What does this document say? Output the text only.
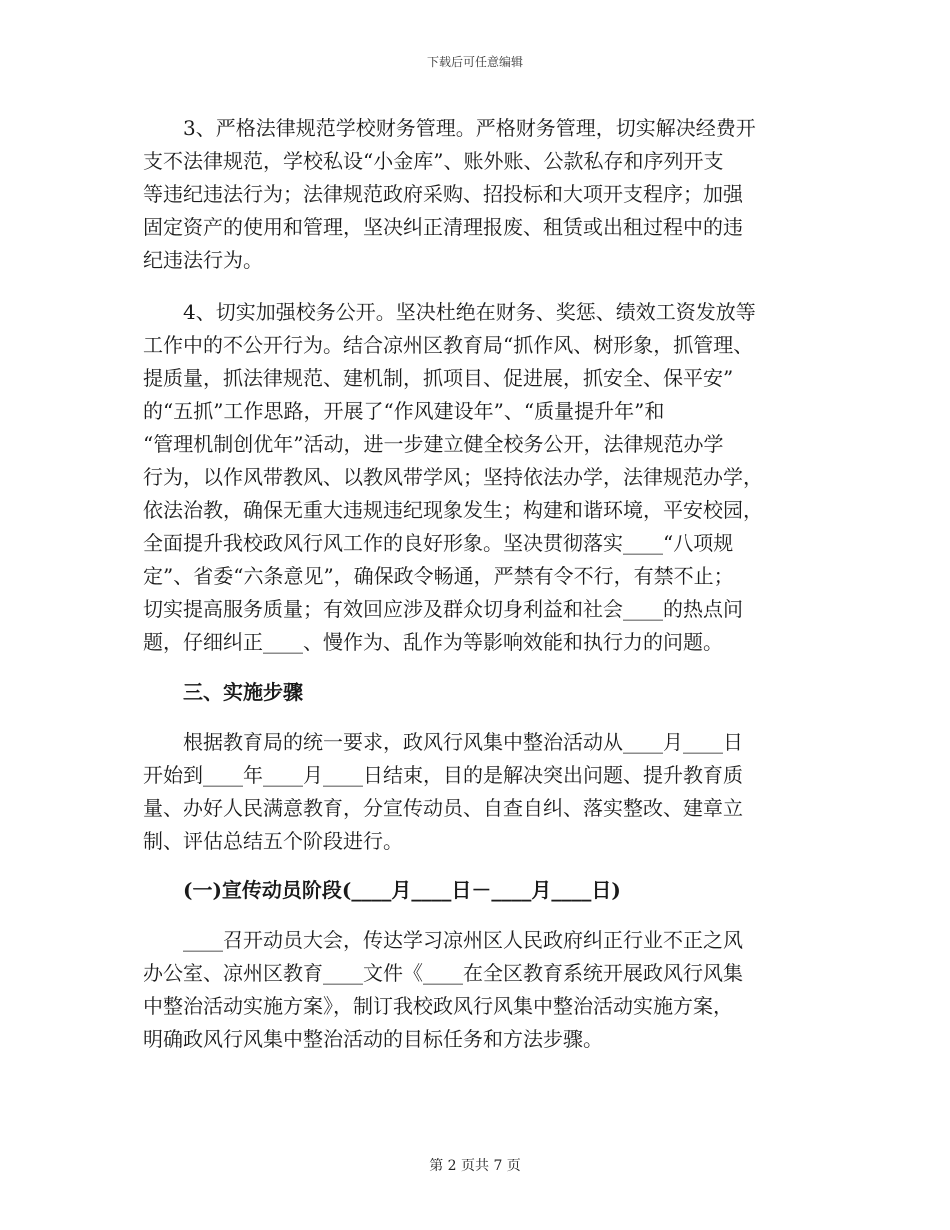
下载后可任意编辑
　　3、严格法律规范学校财务管理。严格财务管理，切实解决经费开
支不法律规范，学校私设“小金库”、账外账、公款私存和序列开支
等违纪违法行为；法律规范政府采购、招投标和大项开支程序；加强
固定资产的使用和管理，坚决纠正清理报废、租赁或出租过程中的违
纪违法行为。
　　4、切实加强校务公开。坚决杜绝在财务、奖惩、绩效工资发放等
工作中的不公开行为。结合凉州区教育局“抓作风、树形象，抓管理、
提质量，抓法律规范、建机制，抓项目、促进展，抓安全、保平安”
的“五抓”工作思路，开展了“作风建设年”、“质量提升年”和
“管理机制创优年”活动，进一步建立健全校务公开，法律规范办学
行为，以作风带教风、以教风带学风；坚持依法办学，法律规范办学，
依法治教，确保无重大违规违纪现象发生；构建和谐环境，平安校园，
全面提升我校政风行风工作的良好形象。坚决贯彻落实____“八项规
定”、省委“六条意见”，确保政令畅通，严禁有令不行，有禁不止；
切实提高服务质量；有效回应涉及群众切身利益和社会____的热点问
题，仔细纠正____、慢作为、乱作为等影响效能和执行力的问题。
　　三、实施步骤
　　根据教育局的统一要求，政风行风集中整治活动从____月____日
开始到____年____月____日结束，目的是解决突出问题、提升教育质
量、办好人民满意教育，分宣传动员、自查自纠、落实整改、建章立
制、评估总结五个阶段进行。
　　(一)宣传动员阶段(____月____日－____月____日)
　　____召开动员大会，传达学习凉州区人民政府纠正行业不正之风
办公室、凉州区教育____文件《____在全区教育系统开展政风行风集
中整治活动实施方案》，制订我校政风行风集中整治活动实施方案，
明确政风行风集中整治活动的目标任务和方法步骤。
第 2 页共 7 页
